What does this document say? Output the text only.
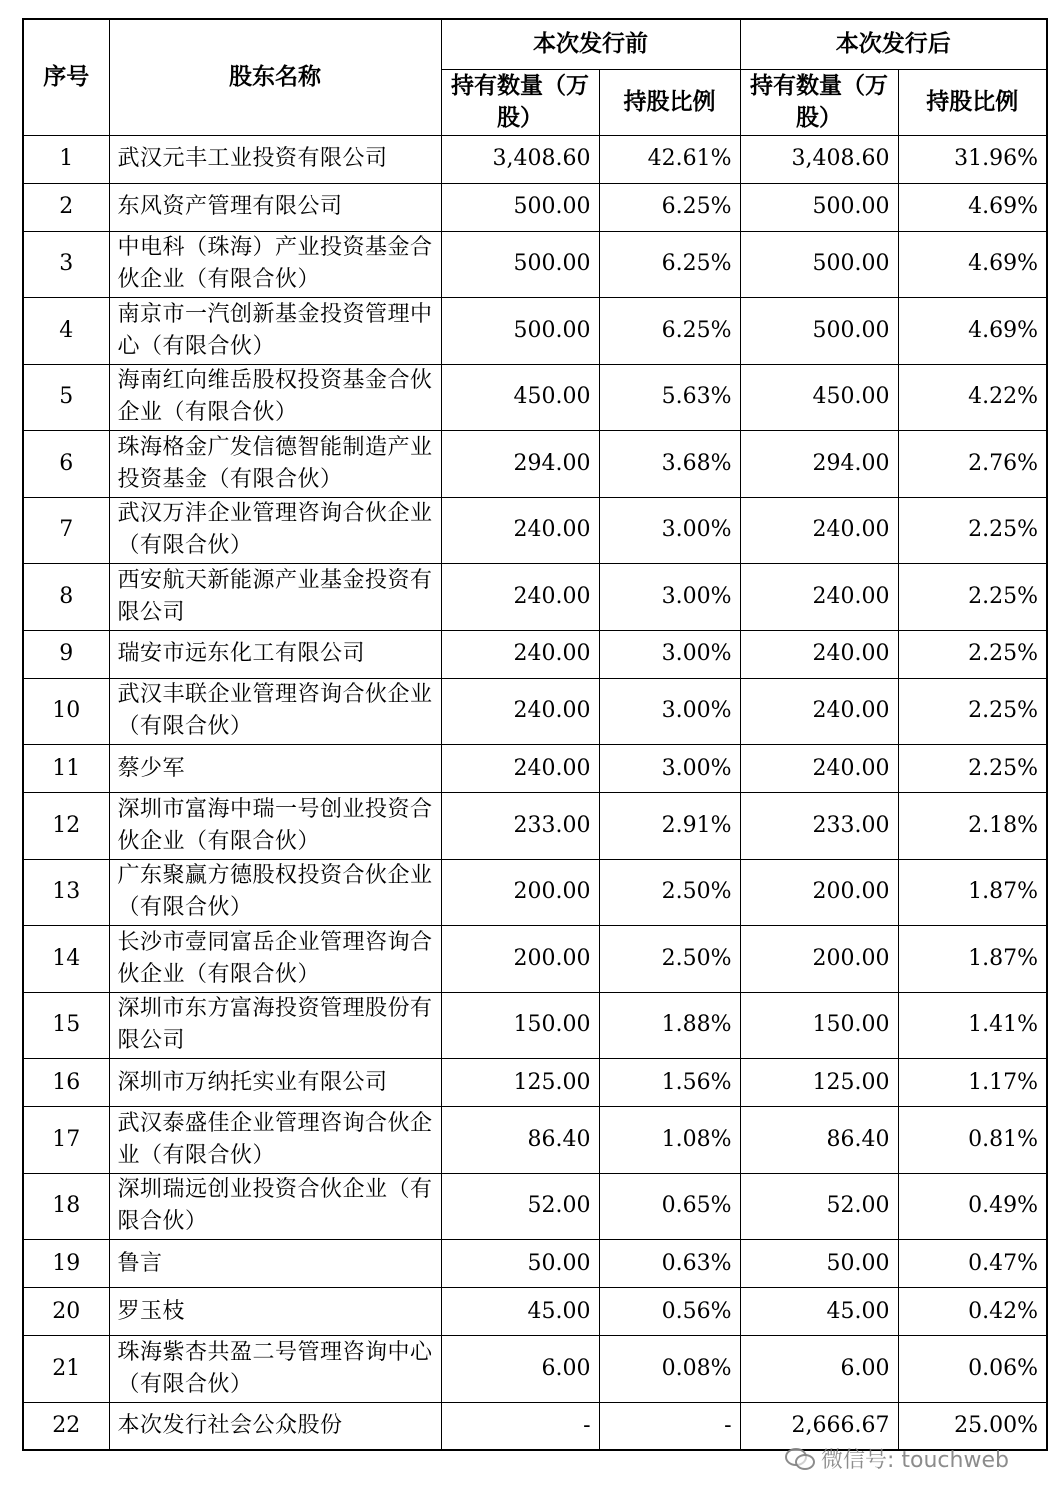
序号	股东名称	本次发行前		本次发行后	
		持有数量（万股）	持股比例	持有数量（万股）	持股比例
1	武汉元丰工业投资有限公司	3,408.60	42.61%	3,408.60	31.96%
2	东风资产管理有限公司	500.00	6.25%	500.00	4.69%
3	中电科（珠海）产业投资基金合伙企业（有限合伙）	500.00	6.25%	500.00	4.69%
4	南京市一汽创新基金投资管理中心（有限合伙）	500.00	6.25%	500.00	4.69%
5	海南红向维岳股权投资基金合伙企业（有限合伙）	450.00	5.63%	450.00	4.22%
6	珠海格金广发信德智能制造产业投资基金（有限合伙）	294.00	3.68%	294.00	2.76%
7	武汉万沣企业管理咨询合伙企业（有限合伙）	240.00	3.00%	240.00	2.25%
8	西安航天新能源产业基金投资有限公司	240.00	3.00%	240.00	2.25%
9	瑞安市远东化工有限公司	240.00	3.00%	240.00	2.25%
10	武汉丰联企业管理咨询合伙企业（有限合伙）	240.00	3.00%	240.00	2.25%
11	蔡少军	240.00	3.00%	240.00	2.25%
12	深圳市富海中瑞一号创业投资合伙企业（有限合伙）	233.00	2.91%	233.00	2.18%
13	广东聚赢方德股权投资合伙企业（有限合伙）	200.00	2.50%	200.00	1.87%
14	长沙市壹同富岳企业管理咨询合伙企业（有限合伙）	200.00	2.50%	200.00	1.87%
15	深圳市东方富海投资管理股份有限公司	150.00	1.88%	150.00	1.41%
16	深圳市万纳托实业有限公司	125.00	1.56%	125.00	1.17%
17	武汉泰盛佳企业管理咨询合伙企业（有限合伙）	86.40	1.08%	86.40	0.81%
18	深圳瑞远创业投资合伙企业（有限合伙）	52.00	0.65%	52.00	0.49%
19	鲁言	50.00	0.63%	50.00	0.47%
20	罗玉枝	45.00	0.56%	45.00	0.42%
21	珠海紫杏共盈二号管理咨询中心（有限合伙）	6.00	0.08%	6.00	0.06%
22	本次发行社会公众股份	-	-	2,666.67	25.00%
微信号: touchweb
